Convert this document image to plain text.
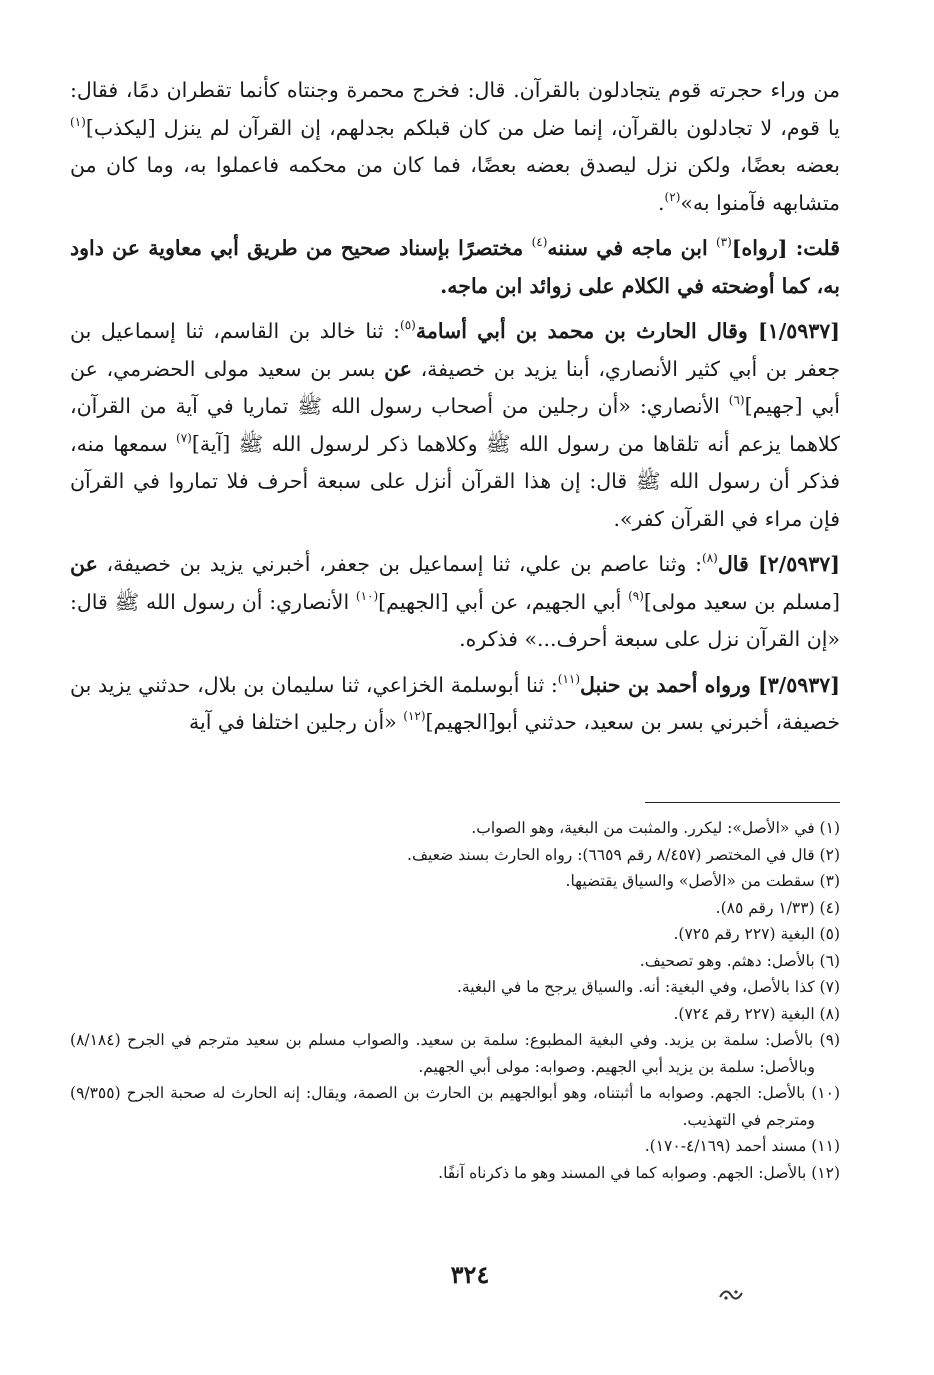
من وراء حجرته قوم يتجادلون بالقرآن. قال: فخرج محمرة وجنتاه كأنما تقطران دمًا، فقال: يا قوم، لا تجادلون بالقرآن، إنما ضل من كان قبلكم بجدلهم، إن القرآن لم ينزل [ليكذب]$^{(١)}$ بعضه بعضًا، ولكن نزل ليصدق بعضه بعضًا، فما كان من محكمه فاعملوا به، وما كان من متشابهه فآمنوا به»$^{(٢)}$.

قلت: [رواه]$^{(٣)}$ ابن ماجه في سننه$^{(٤)}$ مختصرًا بإسناد صحيح من طريق أبي معاوية عن داود به، كما أوضحته في الكلام على زوائد ابن ماجه.

[١/٥٩٣٧] وقال الحارث بن محمد بن أبي أسامة$^{(٥)}$: ثنا خالد بن القاسم، ثنا إسماعيل بن جعفر بن أبي كثير الأنصاري، أبنا يزيد بن خصيفة، عن بسر بن سعيد مولى الحضرمي، عن أبي [جهيم]$^{(٦)}$ الأنصاري: «أن رجلين من أصحاب رسول الله ﷺ تماريا في آية من القرآن، كلاهما يزعم أنه تلقاها من رسول الله ﷺ وكلاهما ذكر لرسول الله ﷺ [آية]$^{(٧)}$ سمعها منه، فذكر أن رسول الله ﷺ قال: إن هذا القرآن أنزل على سبعة أحرف فلا تماروا في القرآن فإن مراء في القرآن كفر».

[٢/٥٩٣٧] قال$^{(٨)}$: وثنا عاصم بن علي، ثنا إسماعيل بن جعفر، أخبرني يزيد بن خصيفة، عن [مسلم بن سعيد مولى]$^{(٩)}$ أبي الجهيم، عن أبي [الجهيم]$^{(١٠)}$ الأنصاري: أن رسول الله ﷺ قال: «إن القرآن نزل على سبعة أحرف...» فذكره.

[٣/٥٩٣٧] ورواه أحمد بن حنبل$^{(١١)}$: ثنا أبوسلمة الخزاعي، ثنا سليمان بن بلال، حدثني يزيد بن خصيفة، أخبرني بسر بن سعيد، حدثني أبو[الجهيم]$^{(١٢)}$ «أن رجلين اختلفا في آية

(١) في «الأصل»: ليكرر. والمثبت من البغية، وهو الصواب.

(٢) قال في المختصر (٨/٤٥٧ رقم ٦٦٥٩): رواه الحارث بسند ضعيف.

(٣) سقطت من «الأصل» والسياق يقتضيها.

(٤) (١/٣٣ رقم ٨٥).

(٥) البغية (٢٢٧ رقم ٧٢٥).

(٦) بالأصل: دهثم. وهو تصحيف.

(٧) كذا بالأصل، وفي البغية: أنه. والسياق يرجح ما في البغية.

(٨) البغية (٢٢٧ رقم ٧٢٤).

(٩) بالأصل: سلمة بن يزيد. وفي البغية المطبوع: سلمة بن سعيد. والصواب مسلم بن سعيد مترجم في الجرح (٨/١٨٤) وبالأصل: سلمة بن يزيد أبي الجهيم. وصوابه: مولى أبي الجهيم.

(١٠) بالأصل: الجهم. وصوابه ما أثبتناه، وهو أبوالجهيم بن الحارث بن الصمة، ويقال: إنه الحارث له صحبة الجرح (٩/٣٥٥) ومترجم في التهذيب.

(١١) مسند أحمد (٤/١٦٩-١٧٠).

(١٢) بالأصل: الجهم. وصوابه كما في المسند وهو ما ذكرناه آنفًا.

٣٢٤
